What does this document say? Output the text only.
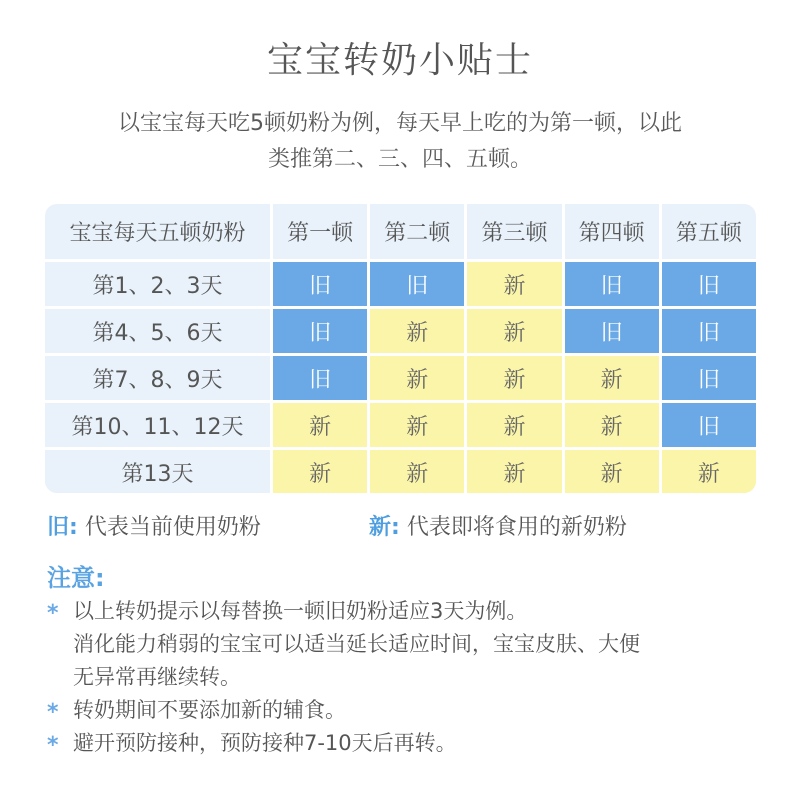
宝宝转奶小贴士
以宝宝每天吃5顿奶粉为例，每天早上吃的为第一顿，以此
类推第二、三、四、五顿。
宝宝每天五顿奶粉	第一顿	第二顿	第三顿	第四顿	第五顿
第1、2、3天	旧	旧	新	旧	旧
第4、5、6天	旧	新	新	旧	旧
第7、8、9天	旧	新	新	新	旧
第10、11、12天	新	新	新	新	旧
第13天	新	新	新	新	新
旧: 代表当前使用奶粉	新: 代表即将食用的新奶粉
注意:
* 以上转奶提示以每替换一顿旧奶粉适应3天为例。
消化能力稍弱的宝宝可以适当延长适应时间，宝宝皮肤、大便
无异常再继续转。
* 转奶期间不要添加新的辅食。
* 避开预防接种，预防接种7-10天后再转。
